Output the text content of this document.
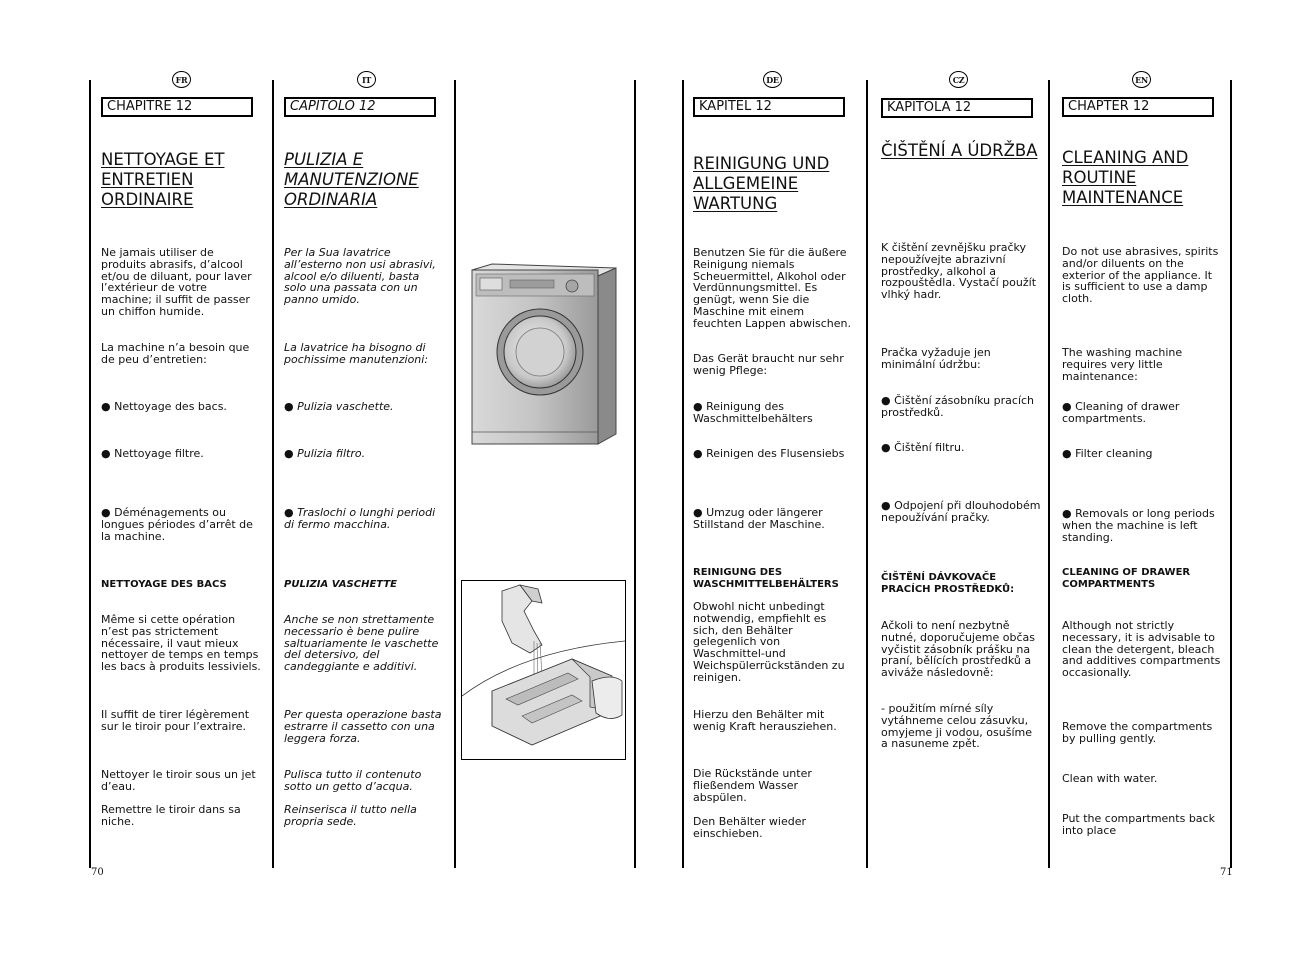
70	71
FR
CHAPITRE 12
NETTOYAGE ET ENTRETIEN ORDINAIRE
Ne jamais utiliser de produits abrasifs, d’alcool et/ou de diluant, pour laver l’extérieur de votre machine; il suffit de passer un chiffon humide.
La machine n’a besoin que de peu d’entretien:
● Nettoyage des bacs.
● Nettoyage filtre.
● Déménagements ou longues périodes d’arrêt de la machine.
NETTOYAGE DES BACS
Même si cette opération n’est pas strictement nécessaire, il vaut mieux nettoyer de temps en temps les bacs à produits lessiviels.
Il suffit de tirer légèrement sur le tiroir pour l’extraire.
Nettoyer le tiroir sous un jet d’eau.
Remettre le tiroir dans sa niche.
IT
CAPITOLO 12
PULIZIA E MANUTENZIONE ORDINARIA
Per la Sua lavatrice all’esterno non usi abrasivi, alcool e/o diluenti, basta solo una passata con un panno umido.
La lavatrice ha bisogno di pochissime manutenzioni:
● Pulizia vaschette.
● Pulizia filtro.
● Traslochi o lunghi periodi di fermo macchina.
PULIZIA VASCHETTE
Anche se non strettamente necessario è bene pulire saltuariamente le vaschette del detersivo, del candeggiante e additivi.
Per questa operazione basta estrarre il cassetto con una leggera forza.
Pulisca tutto il contenuto sotto un getto d’acqua.
Reinserisca il tutto nella propria sede.
DE
KAPITEL 12
REINIGUNG UND ALLGEMEINE WARTUNG
Benutzen Sie für die äußere Reinigung niemals Scheuermittel, Alkohol oder Verdünnungsmittel. Es genügt, wenn Sie die Maschine mit einem feuchten Lappen abwischen.
Das Gerät braucht nur sehr wenig Pflege:
● Reinigung des Waschmittelbehälters
● Reinigen des Flusensiebs
● Umzug oder längerer Stillstand der Maschine.
REINIGUNG DES WASCHMITTELBEHÄLTERS
Obwohl nicht unbedingt notwendig, empfiehlt es sich, den Behälter gelegenlich von Waschmittel-und Weichspülerrückständen zu reinigen.
Hierzu den Behälter mit wenig Kraft herausziehen.
Die Rückstände unter fließendem Wasser abspülen.
Den Behälter wieder einschieben.
CZ
KAPITOLA 12
ČIŠTĚNÍ A ÚDRŽBA
K čištění zevnějšku pračky nepoužívejte abrazivní prostředky, alkohol a rozpouštědla. Vystačí použít vlhký hadr.
Pračka vyžaduje jen minimální údržbu:
● Čištění zásobníku pracích prostředků.
● Čištění filtru.
● Odpojení při dlouhodobém nepoužívání pračky.
ČIŠTĚNÍ DÁVKOVAČE PRACÍCH PROSTŘEDKŮ:
Ačkoli to není nezbytně nutné, doporučujeme občas vyčistit zásobník prášku na praní, bělících prostředků a aviváže následovně:
- použitím mírné síly vytáhneme celou zásuvku, omyjeme ji vodou, osušíme a nasuneme zpět.
EN
CHAPTER 12
CLEANING AND ROUTINE MAINTENANCE
Do not use abrasives, spirits and/or diluents on the exterior of the appliance. It is sufficient to use a damp cloth.
The washing machine requires very little maintenance:
● Cleaning of drawer compartments.
● Filter cleaning
● Removals or long periods when the machine is left standing.
CLEANING OF DRAWER COMPARTMENTS
Although not strictly necessary, it is advisable to clean the detergent, bleach and additives compartments occasionally.
Remove the compartments by pulling gently.
Clean with water.
Put the compartments back into place
